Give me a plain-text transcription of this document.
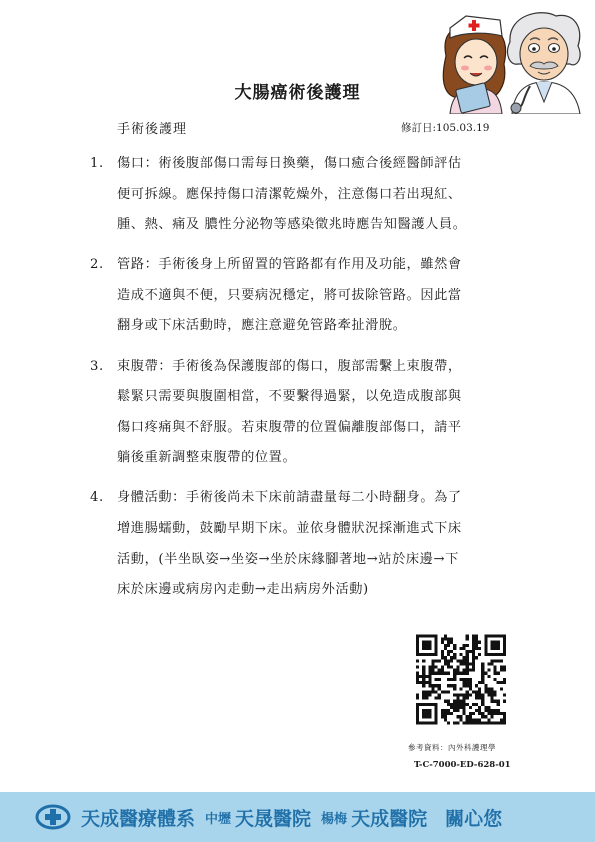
大腸癌術後護理
手術後護理	修訂日:105.03.19
1.	傷口：術後腹部傷口需每日換藥，傷口癒合後經醫師評估
便可拆線。應保持傷口清潔乾燥外，注意傷口若出現紅、
腫、熱、痛及 膿性分泌物等感染徵兆時應告知醫護人員。
2.	管路：手術後身上所留置的管路都有作用及功能，雖然會
造成不適與不便，只要病況穩定，將可拔除管路。因此當
翻身或下床活動時，應注意避免管路牽扯滑脫。
3.	束腹帶：手術後為保護腹部的傷口，腹部需繫上束腹帶，
鬆緊只需要與腹圍相當，不要繫得過緊，以免造成腹部與
傷口疼痛與不舒服。若束腹帶的位置偏離腹部傷口，請平
躺後重新調整束腹帶的位置。
4.	身體活動：手術後尚未下床前請盡量每二小時翻身。為了
增進腸蠕動，鼓勵早期下床。並依身體狀況採漸進式下床
活動，(半坐臥姿→坐姿→坐於床緣腳著地→站於床邊→下
床於床邊或病房內走動→走出病房外活動)
參考資料：內外科護理學
T-C-7000-ED-628-01
天成醫療體系 中壢 天晟醫院 楊梅 天成醫院 關心您
